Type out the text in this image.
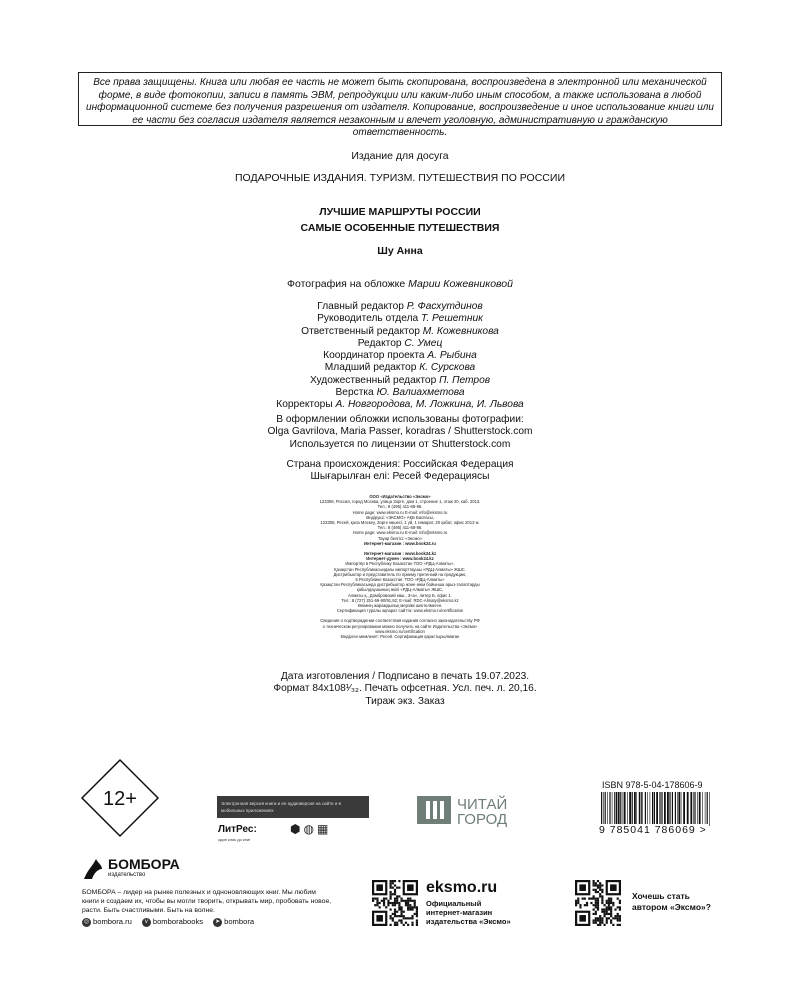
Все права защищены. Книга или любая ее часть не может быть скопирована, воспроизведена в электронной или механической форме, в виде фотокопии, записи в память ЭВМ, репродукции или каким-либо иным способом, а также использована в любой информационной системе без получения разрешения от издателя. Копирование, воспроизведение и иное использование книги или ее части без согласия издателя является незаконным и влечет уголовную, административную и гражданскую ответственность.
Издание для досуга
ПОДАРОЧНЫЕ ИЗДАНИЯ. ТУРИЗМ. ПУТЕШЕСТВИЯ ПО РОССИИ
ЛУЧШИЕ МАРШРУТЫ РОССИИ
САМЫЕ ОСОБЕННЫЕ ПУТЕШЕСТВИЯ
Шу Анна
Фотография на обложке Марии Кожевниковой
Главный редактор Р. Фасхутдинов
Руководитель отдела Т. Решетник
Ответственный редактор М. Кожевникова
Редактор С. Умец
Координатор проекта А. Рыбина
Младший редактор К. Сурскова
Художественный редактор П. Петров
Верстка Ю. Валиахметова
Корректоры А. Новгородова, М. Ложкина, И. Львова
В оформлении обложки использованы фотографии:
Olga Gavrilova, Maria Passer, koradras / Shutterstock.com
Используется по лицензии от Shutterstock.com
Страна происхождения: Российская Федерация
Шығарылған елі: Ресей Федерациясы
ООО «Издательство «Эксмо»
123308, Россия, город Москва, улица Зорге, дом 1, строение 1, этаж 20, каб. 2013.
Тел.: 8 (495) 411-68-86.
Home page: www.eksmo.ru E-mail: info@eksmo.ru
Өндіруші: «ЭКСМО» АҚБ Баспасы,
123308, Ресей, қала Мәскеу, Зорге көшесі, 1 үй, 1 ғимарат, 20 қабат, офис 2013 ж.
Тел.: 8 (495) 411-68-86.
Home page: www.eksmo.ru E-mail: info@eksmo.ru
Тауар белгісі: «Эксмо»
Интернет-магазин : www.book24.ru
Интернет-магазин : www.book24.kz
Интернет-дүкен : www.book24.kz
Импортёр в Республику Казахстан ТОО «РДЦ-Алматы».
Қазақстан Республикасындағы импорттаушы «РДЦ-Алматы» ЖШС.
Дистрибьютор и представитель по приему претензий на продукцию,
в Республике Казахстан: ТОО «РДЦ-Алматы»
Қазақстан Республикасында дистрибьютор және өнім бойынша арыз-талаптарды
қабылдаушының өкілі «РДЦ-Алматы» ЖШС,
Алматы қ., Домбровский көш., 3«а», литер Б, офис 1.
Тел.: 8 (727) 251-59-90/91,92; E-mail: RDC-Almaty@eksmo.kz
Өнімнің жарамдылық мерзімі шектелмеген.
Сертификация туралы ақпарат сайтта: www.eksmo.ru/certification
Сведения о подтверждении соответствия издания согласно законодательству РФ
о техническом регулировании можно получить на сайте Издательства «Эксмо»
www.eksmo.ru/certification
Өндірген мемлекет: Ресей. Сертификация қарастырылмаған
Дата изготовления / Подписано в печать 19.07.2023.
Формат 84x108¹⁄₃₂. Печать офсетная. Усл. печ. л. 20,16.
Тираж экз. Заказ
12+	Электронная версия книги и ее аудиоверсия на сайте и в мобильных приложениях
ЛитРес:
один клик до книг
⬢◍▦
ЧИТАЙ
ГОРОД
ISBN 978-5-04-178606-9
9 785041 786069 >
БОМБОРА
издательство
БОМБОРА – лидер на рынке полезных и одноновляющих книг. Мы любим книги и создаем их, чтобы вы могли творить, открывать мир, пробовать новое, расти. Быть счастливыми. Быть на волне.
◎ bombora.ru	v bomborabooks	➤ bombora
eksmo.ru
Официальный
интернет-магазин
издательства «Эксмо»
Хочешь стать
автором «Эксмо»?
